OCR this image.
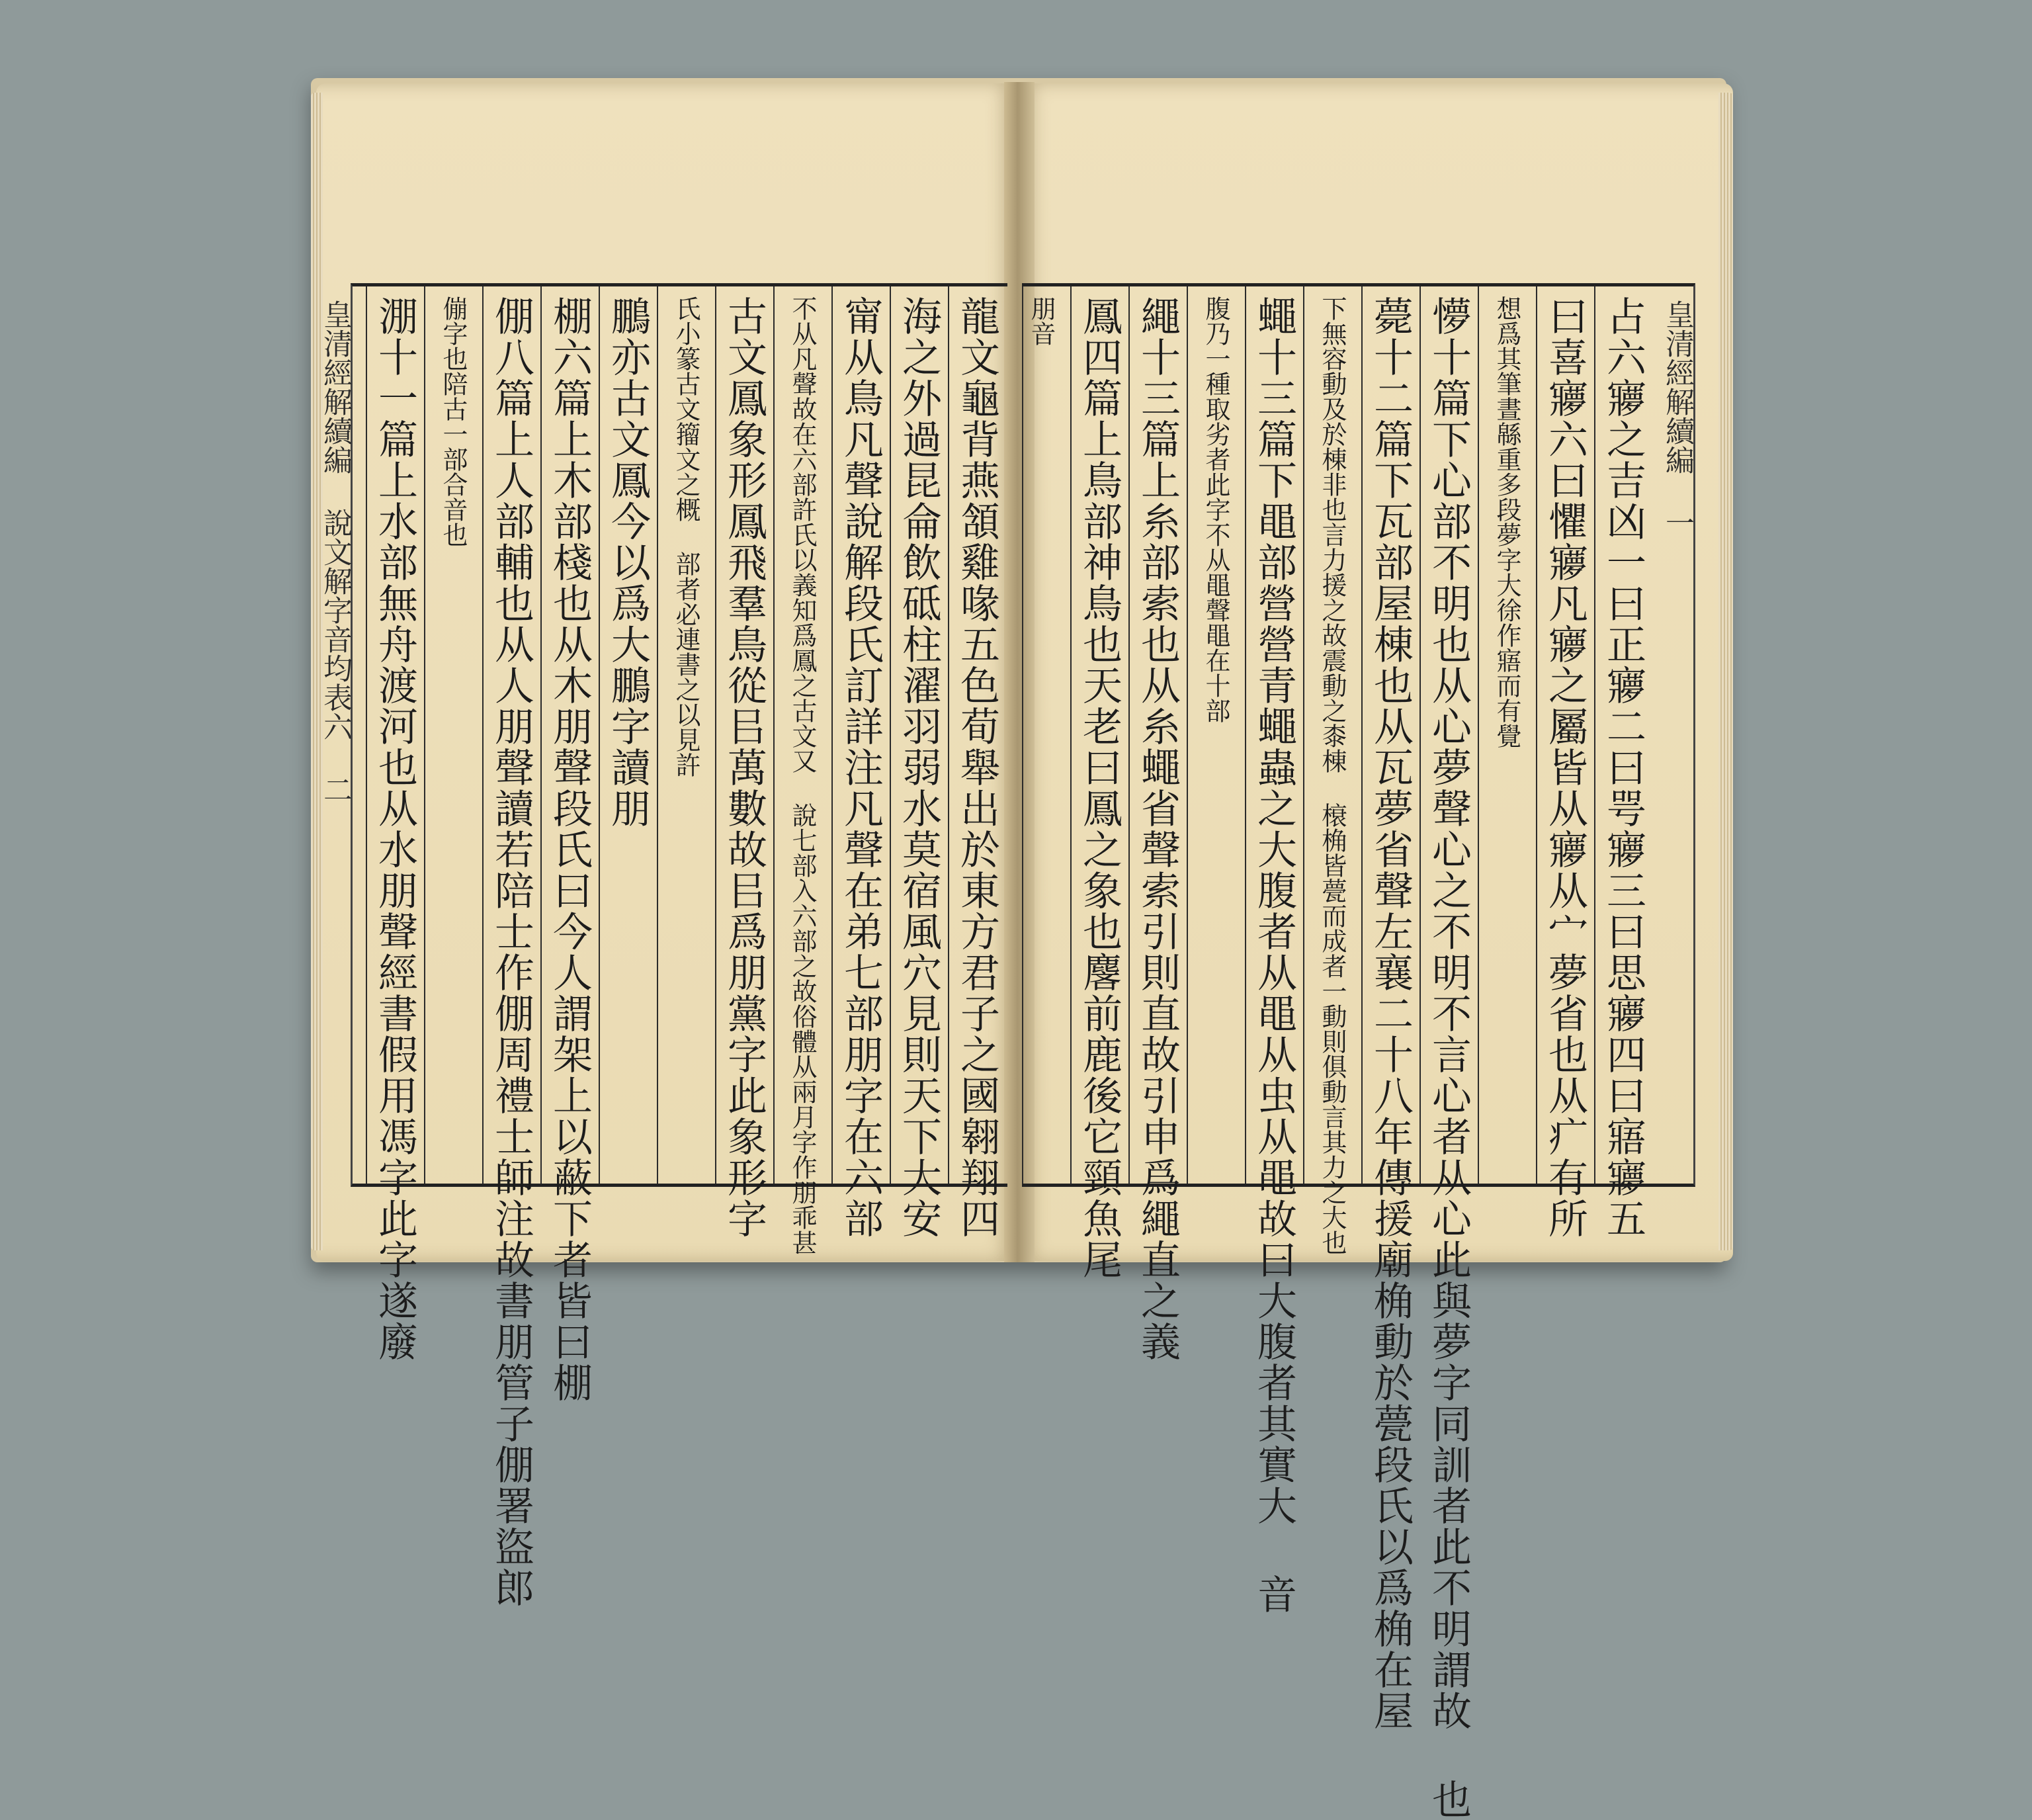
龍文龜背燕頷雞喙五色荀舉出於東方君子之國翱翔四
海之外過昆侖飲砥柱濯羽弱水莫宿風穴見則天下大安
甯从鳥凡聲說解段氏訂詳注凡聲在弟七部朋字在六部
不从凡聲故在六部許氏以義知爲鳳之古文又 說七部入六部之故俗體从兩月字作朋乖甚
古文鳳象形鳳飛羣鳥從㠯萬數故㠯爲朋黨字此象形字
氏小篆古文籀文之概 部者必連書之以見許
鵬亦古文鳳今以爲大鵬字讀朋
棚六篇上木部棧也从木朋聲段氏曰今人謂架上以蔽下者皆曰棚
倗八篇上人部輔也从人朋聲讀若陪士作倗周禮士師注故書朋管子倗署盜郎
傰字也陪古一部合音也
淜十一篇上水部無舟渡河也从水朋聲經書假用馮字此字遂廢
皇清經解續編 說文解字音均表六 二
皇清經解續編 一
占六㝱之吉凶一曰正㝱二曰咢㝱三曰思㝱四曰寤㝱五
曰喜㝱六曰懼㝱凡㝱之屬皆从㝱从宀夢省也从疒有所
想爲其筆晝緜重多段夢字大徐作寤而有覺
懜十篇下心部不明也从心夢聲心之不明不言心者从心此與夢字同訓者此不明謂故 也
薨十二篇下瓦部屋棟也从瓦夢省聲左襄二十八年傳援廟桷動於甍段氏以爲桷在屋
下無容動及於棟非也言力援之故震動之桼棟 榱桷皆甍而成者一動則俱動言其力之大也
蠅十三篇下黽部營營青蠅蟲之大腹者从黽从虫从黽故曰大腹者其實大 音
腹乃一種取劣者此字不从黽聲黽在十部
繩十三篇上糸部索也从糸蠅省聲索引則直故引申爲繩直之義
鳳四篇上鳥部神鳥也天老曰鳳之象也麐前鹿後它頸魚尾
朋音
